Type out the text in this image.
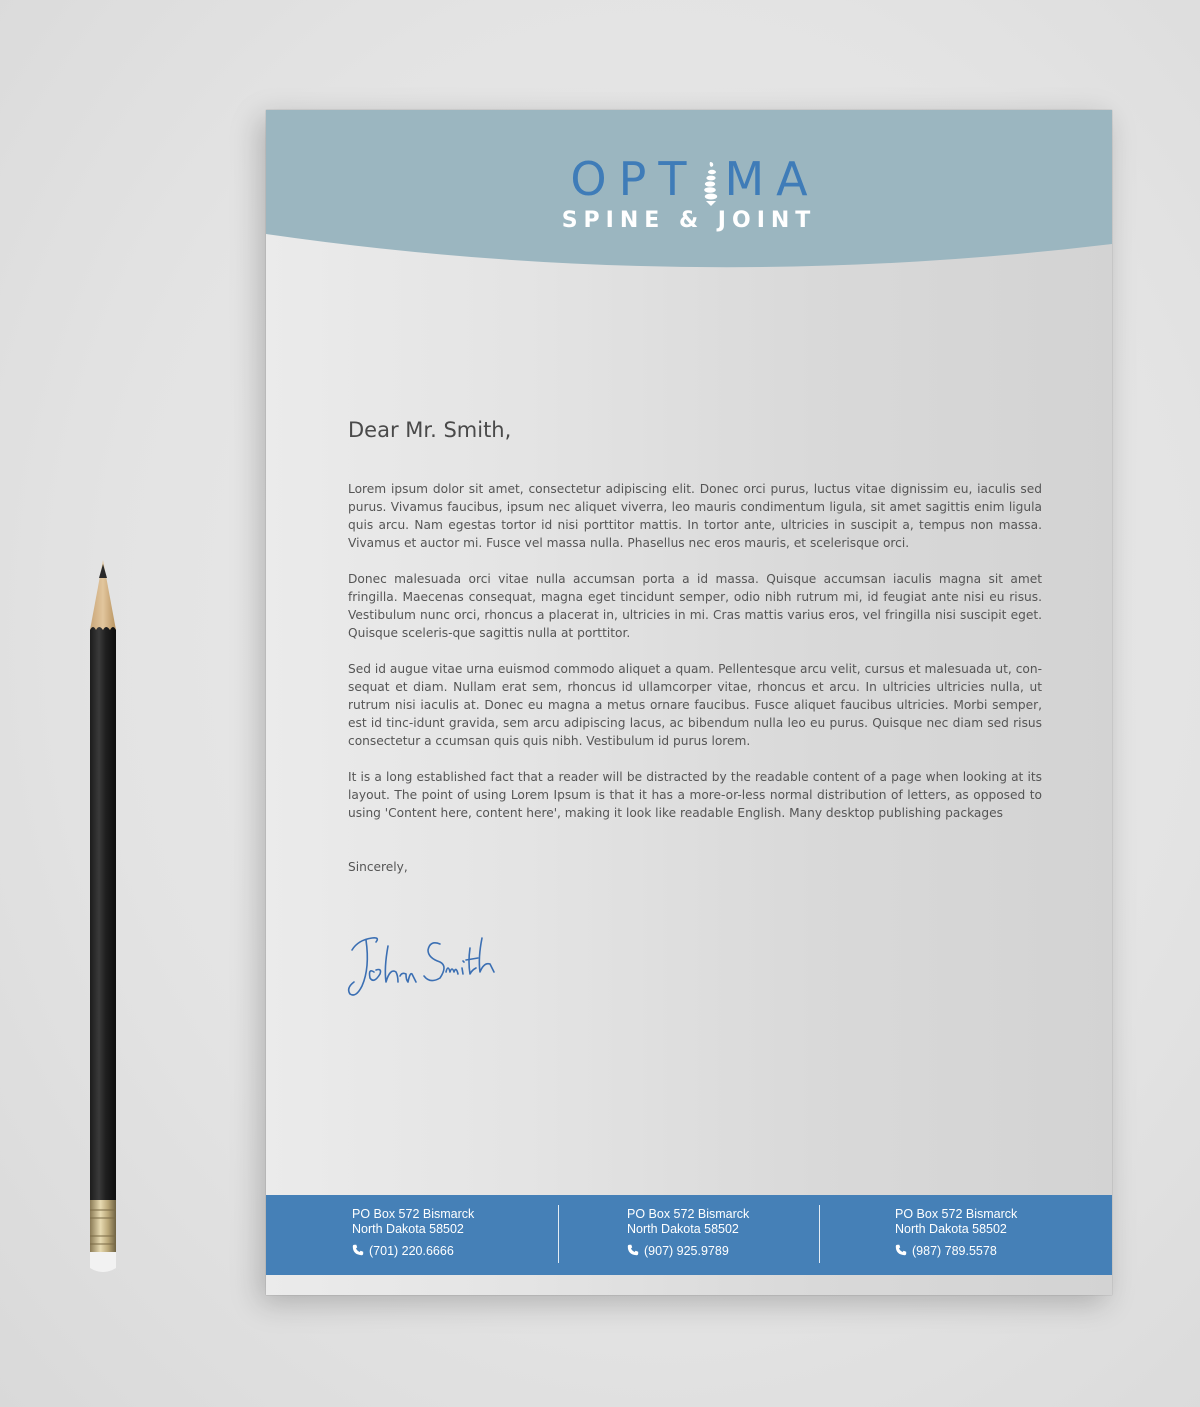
OPT MA
SPINE & JOINT
Dear Mr. Smith,

Lorem ipsum dolor sit amet, consectetur adipiscing elit. Donec orci purus, luctus vitae dignissim eu, iaculis sed purus. Vivamus faucibus, ipsum nec aliquet viverra, leo mauris condimentum ligula, sit amet sagittis enim ligula quis arcu. Nam egestas tortor id nisi porttitor mattis. In tortor ante, ultricies in suscipit a, tempus non massa. Vivamus et auctor mi. Fusce vel massa nulla. Phasellus nec eros mauris, et scelerisque orci.

Donec malesuada orci vitae nulla accumsan porta a id massa. Quisque accumsan iaculis magna sit amet fringilla. Maecenas consequat, magna eget tincidunt semper, odio nibh rutrum mi, id feugiat ante nisi eu risus. Vestibulum nunc orci, rhoncus a placerat in, ultricies in mi. Cras mattis varius eros, vel fringilla nisi suscipit eget. Quisque sceleris-que sagittis nulla at porttitor.

Sed id augue vitae urna euismod commodo aliquet a quam. Pellentesque arcu velit, cursus et malesuada ut, con-sequat et diam. Nullam erat sem, rhoncus id ullamcorper vitae, rhoncus et arcu. In ultricies ultricies nulla, ut rutrum nisi iaculis at. Donec eu magna a metus ornare faucibus. Fusce aliquet faucibus ultricies. Morbi semper, est id tinc-idunt gravida, sem arcu adipiscing lacus, ac bibendum nulla leo eu purus. Quisque nec diam sed risus consectetur a ccumsan quis quis nibh. Vestibulum id purus lorem.

It is a long established fact that a reader will be distracted by the readable content of a page when looking at its layout. The point of using Lorem Ipsum is that it has a more-or-less normal distribution of letters, as opposed to using 'Content here, content here', making it look like readable English. Many desktop publishing packages

Sincerely,
PO Box 572 Bismarck
North Dakota 58502
(701) 220.6666
PO Box 572 Bismarck
North Dakota 58502
(907) 925.9789
PO Box 572 Bismarck
North Dakota 58502
(987) 789.5578
